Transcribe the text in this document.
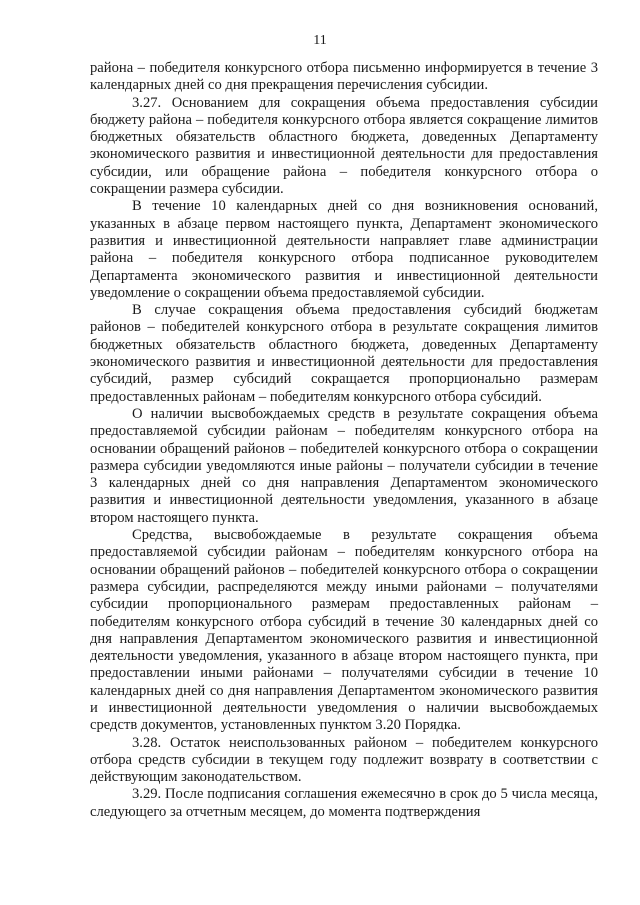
11

района – победителя конкурсного отбора письменно информируется в течение 3 календарных дней со дня прекращения перечисления субсидии.

3.27. Основанием для сокращения объема предоставления субсидии бюджету района – победителя конкурсного отбора является сокращение лимитов бюджетных обязательств областного бюджета, доведенных Департаменту экономического развития и инвестиционной деятельности для предоставления субсидии, или обращение района – победителя конкурсного отбора о сокращении размера субсидии.

В течение 10 календарных дней со дня возникновения оснований, указанных в абзаце первом настоящего пункта, Департамент экономического развития и инвестиционной деятельности направляет главе администрации района – победителя конкурсного отбора подписанное руководителем Департамента экономического развития и инвестиционной деятельности уведомление о сокращении объема предоставляемой субсидии.

В случае сокращения объема предоставления субсидий бюджетам районов – победителей конкурсного отбора в результате сокращения лимитов бюджетных обязательств областного бюджета, доведенных Департаменту экономического развития и инвестиционной деятельности для предоставления субсидий, размер субсидий сокращается пропорционально размерам предоставленных районам – победителям конкурсного отбора субсидий.

О наличии высвобождаемых средств в результате сокращения объема предоставляемой субсидии районам – победителям конкурсного отбора на основании обращений районов – победителей конкурсного отбора о сокращении размера субсидии уведомляются иные районы – получатели субсидии в течение 3 календарных дней со дня направления Департаментом экономического развития и инвестиционной деятельности уведомления, указанного в абзаце втором настоящего пункта.

Средства, высвобождаемые в результате сокращения объема предоставляемой субсидии районам – победителям конкурсного отбора на основании обращений районов – победителей конкурсного отбора о сокращении размера субсидии, распределяются между иными районами – получателями субсидии пропорционального размерам предоставленных районам – победителям конкурсного отбора субсидий в течение 30 календарных дней со дня направления Департаментом экономического развития и инвестиционной деятельности уведомления, указанного в абзаце втором настоящего пункта, при предоставлении иными районами – получателями субсидии в течение 10 календарных дней со дня направления Департаментом экономического развития и инвестиционной деятельности уведомления о наличии высвобождаемых средств документов, установленных пунктом 3.20 Порядка.

3.28. Остаток неиспользованных районом – победителем конкурсного отбора средств субсидии в текущем году подлежит возврату в соответствии с действующим законодательством.

3.29. После подписания соглашения ежемесячно в срок до 5 числа месяца, следующего за отчетным месяцем, до момента подтверждения
